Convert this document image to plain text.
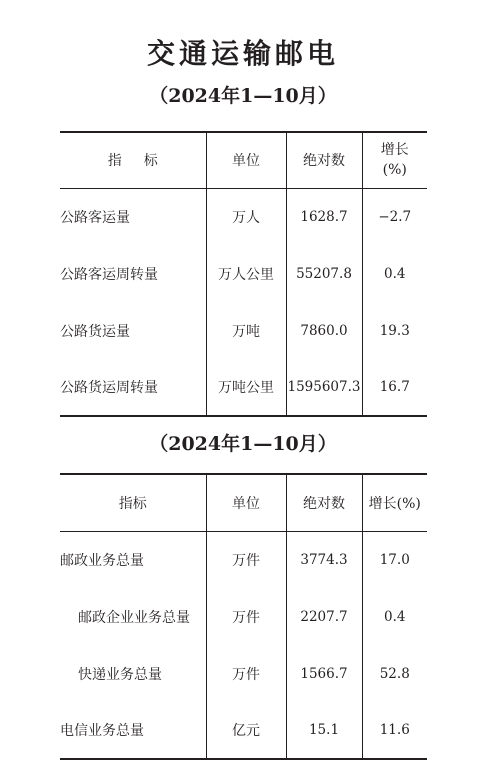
交通运输邮电
（2024年1—10月）
指标	单位	绝对数	增长
(%)

公路客运量	万人	1628.7	−2.7
公路客运周转量	万人公里	55207.8	0.4
公路货运量	万吨	7860.0	19.3
公路货运周转量	万吨公里	1595607.3	16.7
（2024年1—10月）
指标	单位	绝对数	增长(%)
邮政业务总量	万件	3774.3	17.0
邮政企业业务总量	万件	2207.7	0.4
快递业务总量	万件	1566.7	52.8
电信业务总量	亿元	15.1	11.6
